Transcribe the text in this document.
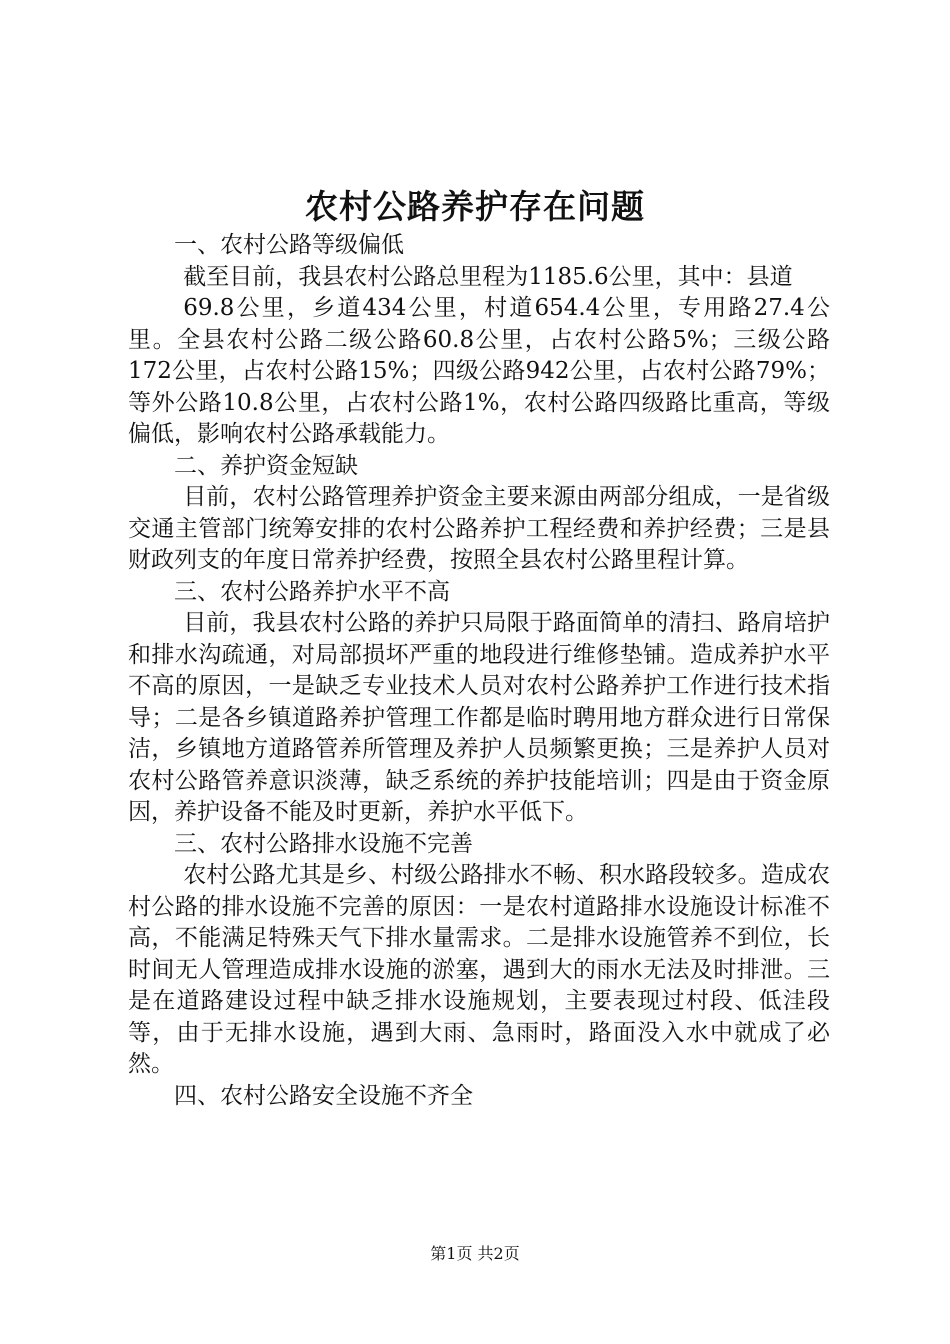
农村公路养护存在问题

一、农村公路等级偏低

截至目前，我县农村公路总里程为1185.6公里，其中：县道

69.8公里，乡道434公里，村道654.4公里，专用路27.4公里。全县农村公路二级公路60.8公里，占农村公路5%；三级公路172公里，占农村公路15%；四级公路942公里，占农村公路79%；等外公路10.8公里，占农村公路1%，农村公路四级路比重高，等级偏低，影响农村公路承载能力。

二、养护资金短缺

目前，农村公路管理养护资金主要来源由两部分组成，一是省级交通主管部门统筹安排的农村公路养护工程经费和养护经费；三是县财政列支的年度日常养护经费，按照全县农村公路里程计算。

三、农村公路养护水平不高

目前，我县农村公路的养护只局限于路面简单的清扫、路肩培护和排水沟疏通，对局部损坏严重的地段进行维修垫铺。造成养护水平不高的原因，一是缺乏专业技术人员对农村公路养护工作进行技术指导；二是各乡镇道路养护管理工作都是临时聘用地方群众进行日常保洁，乡镇地方道路管养所管理及养护人员频繁更换；三是养护人员对农村公路管养意识淡薄，缺乏系统的养护技能培训；四是由于资金原因，养护设备不能及时更新，养护水平低下。

三、农村公路排水设施不完善

农村公路尤其是乡、村级公路排水不畅、积水路段较多。造成农村公路的排水设施不完善的原因：一是农村道路排水设施设计标准不高，不能满足特殊天气下排水量需求。二是排水设施管养不到位，长时间无人管理造成排水设施的淤塞，遇到大的雨水无法及时排泄。三是在道路建设过程中缺乏排水设施规划，主要表现过村段、低洼段等，由于无排水设施，遇到大雨、急雨时，路面没入水中就成了必然。

四、农村公路安全设施不齐全

第1页 共2页
